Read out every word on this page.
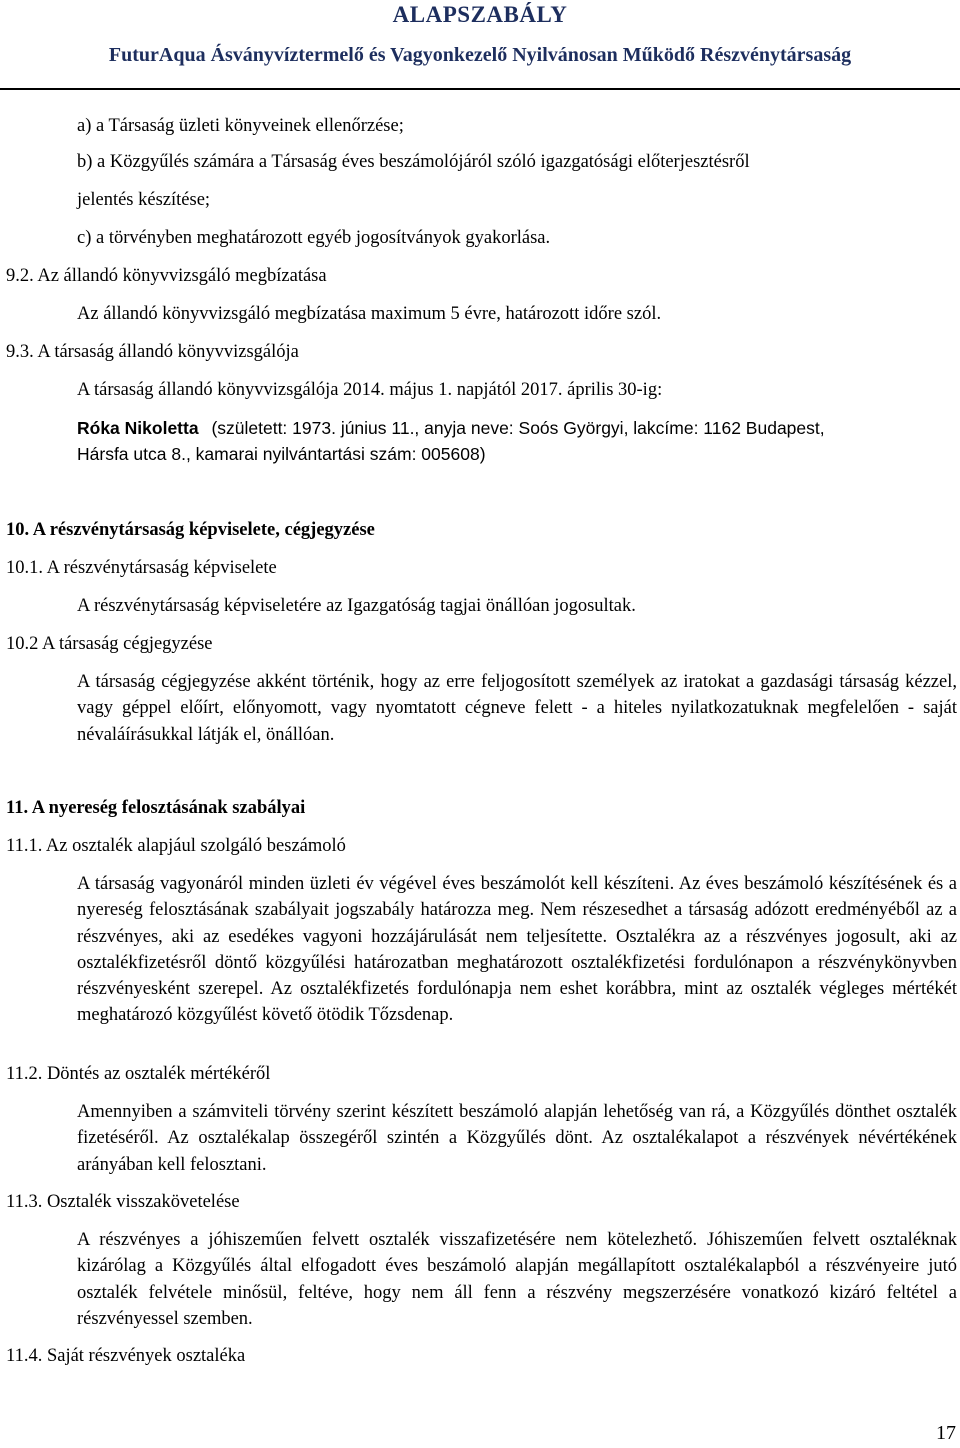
ALAPSZABÁLY
FuturAqua Ásványvíztermelő és Vagyonkezelő Nyilvánosan Működő Részvénytársaság
a) a Társaság üzleti könyveinek ellenőrzése;
b) a Közgyűlés számára a Társaság éves beszámolójáról szóló igazgatósági előterjesztésről
jelentés készítése;
c) a törvényben meghatározott egyéb jogosítványok gyakorlása.
9.2. Az állandó könyvvizsgáló megbízatása
Az állandó könyvvizsgáló megbízatása maximum 5 évre, határozott időre szól.
9.3. A társaság állandó könyvvizsgálója
A társaság állandó könyvvizsgálója 2014. május 1. napjától 2017. április 30-ig:
Róka Nikoletta (született: 1973. június 11., anyja neve: Soós Györgyi, lakcíme: 1162 Budapest,
Hársfa utca 8., kamarai nyilvántartási szám: 005608)
10. A részvénytársaság képviselete, cégjegyzése
10.1. A részvénytársaság képviselete
A részvénytársaság képviseletére az Igazgatóság tagjai önállóan jogosultak.
10.2 A társaság cégjegyzése
A társaság cégjegyzése akként történik, hogy az erre feljogosított személyek az iratokat a gazdasági társaság kézzel, vagy géppel előírt, előnyomott, vagy nyomtatott cégneve felett - a hiteles nyilatkozatuknak megfelelően - saját névaláírásukkal látják el, önállóan.
11. A nyereség felosztásának szabályai
11.1. Az osztalék alapjául szolgáló beszámoló
A társaság vagyonáról minden üzleti év végével éves beszámolót kell készíteni. Az éves beszámoló készítésének és a nyereség felosztásának szabályait jogszabály határozza meg. Nem részesedhet a társaság adózott eredményéből az a részvényes, aki az esedékes vagyoni hozzájárulását nem teljesítette. Osztalékra az a részvényes jogosult, aki az osztalékfizetésről döntő közgyűlési határozatban meghatározott osztalékfizetési fordulónapon a részvénykönyvben részvényesként szerepel. Az osztalékfizetés fordulónapja nem eshet korábbra, mint az osztalék végleges mértékét meghatározó közgyűlést követő ötödik Tőzsdenap.
11.2. Döntés az osztalék mértékéről
Amennyiben a számviteli törvény szerint készített beszámoló alapján lehetőség van rá, a Közgyűlés dönthet osztalék fizetéséről. Az osztalékalap összegéről szintén a Közgyűlés dönt. Az osztalékalapot a részvények névértékének arányában kell felosztani.
11.3. Osztalék visszakövetelése
A részvényes a jóhiszeműen felvett osztalék visszafizetésére nem kötelezhető. Jóhiszeműen felvett osztaléknak kizárólag a Közgyűlés által elfogadott éves beszámoló alapján megállapított osztalékalapból a részvényeire jutó osztalék felvétele minősül, feltéve, hogy nem áll fenn a részvény megszerzésére vonatkozó kizáró feltétel a részvényessel szemben.
11.4. Saját részvények osztaléka
17
